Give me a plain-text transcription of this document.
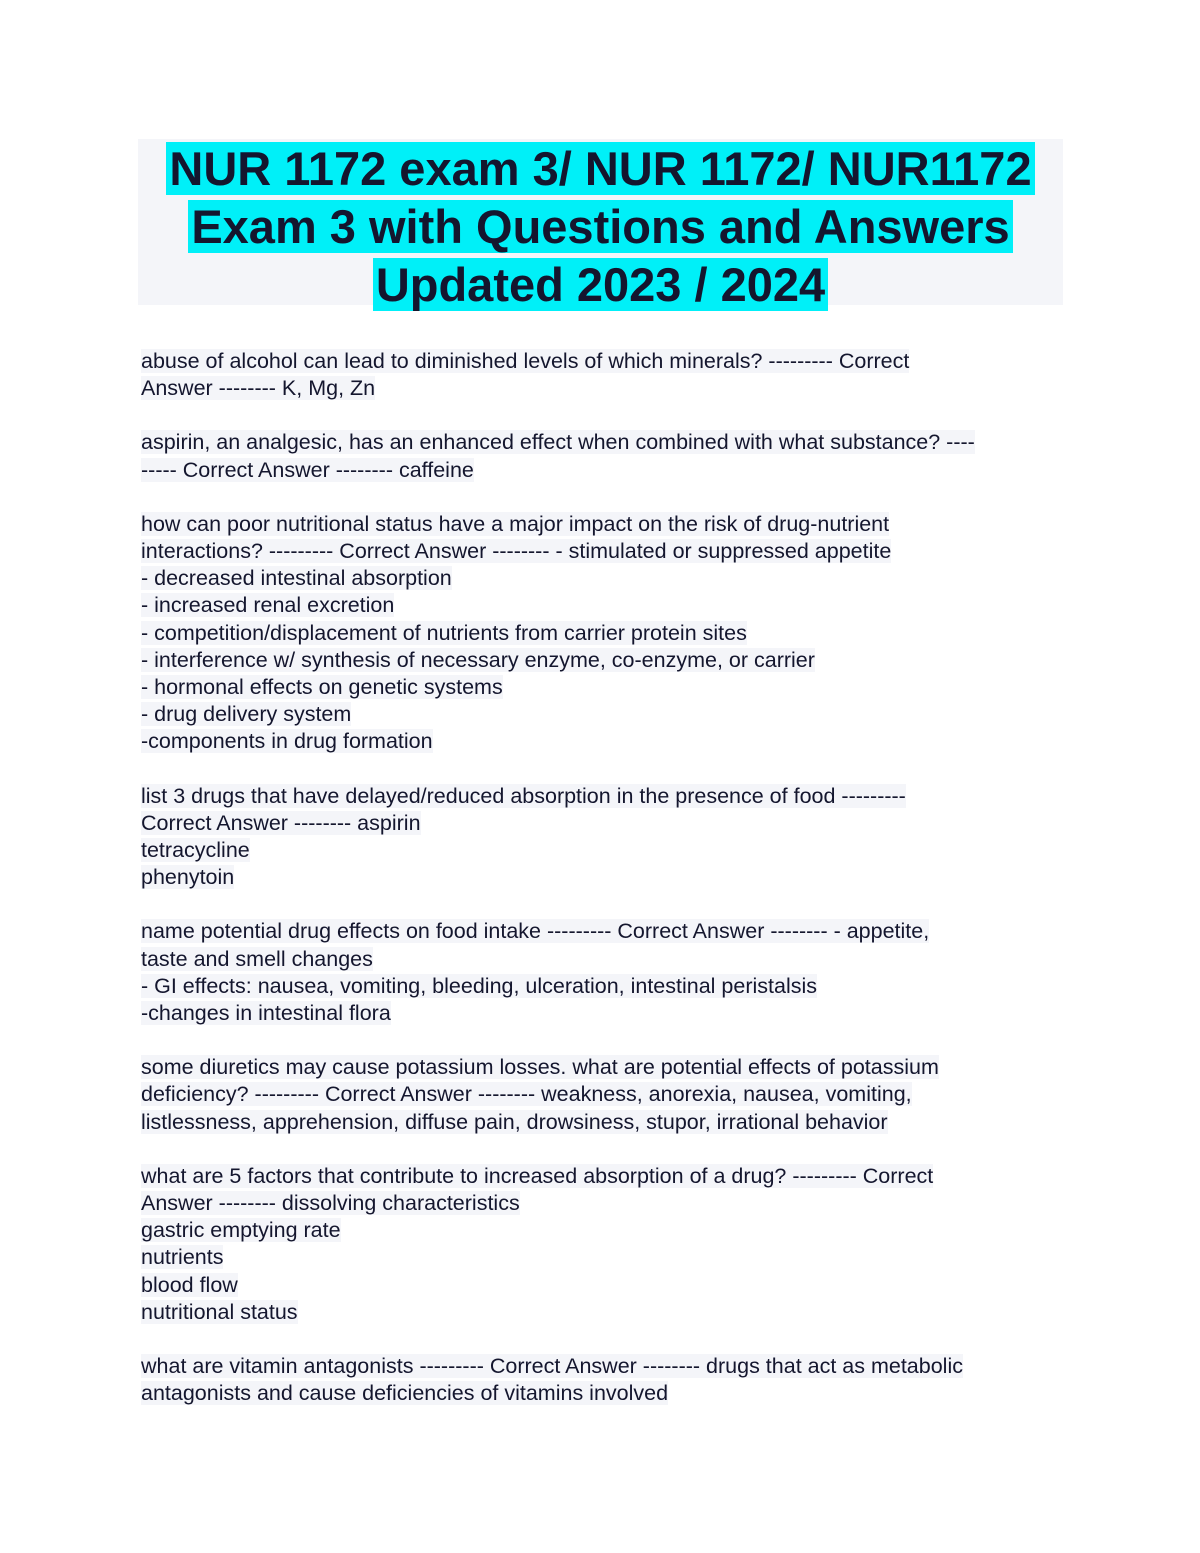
NUR 1172 exam 3/ NUR 1172/ NUR1172
Exam 3 with Questions and Answers
Updated 2023 / 2024
abuse of alcohol can lead to diminished levels of which minerals? --------- Correct
Answer -------- K, Mg, Zn
aspirin, an analgesic, has an enhanced effect when combined with what substance? ----
----- Correct Answer -------- caffeine
how can poor nutritional status have a major impact on the risk of drug-nutrient
interactions? --------- Correct Answer -------- - stimulated or suppressed appetite
- decreased intestinal absorption
- increased renal excretion
- competition/displacement of nutrients from carrier protein sites
- interference w/ synthesis of necessary enzyme, co-enzyme, or carrier
- hormonal effects on genetic systems
- drug delivery system
-components in drug formation
list 3 drugs that have delayed/reduced absorption in the presence of food ---------
Correct Answer -------- aspirin
tetracycline
phenytoin
name potential drug effects on food intake --------- Correct Answer -------- - appetite,
taste and smell changes
- GI effects: nausea, vomiting, bleeding, ulceration, intestinal peristalsis
-changes in intestinal flora
some diuretics may cause potassium losses. what are potential effects of potassium
deficiency? --------- Correct Answer -------- weakness, anorexia, nausea, vomiting,
listlessness, apprehension, diffuse pain, drowsiness, stupor, irrational behavior
what are 5 factors that contribute to increased absorption of a drug? --------- Correct
Answer -------- dissolving characteristics
gastric emptying rate
nutrients
blood flow
nutritional status
what are vitamin antagonists --------- Correct Answer -------- drugs that act as metabolic
antagonists and cause deficiencies of vitamins involved
